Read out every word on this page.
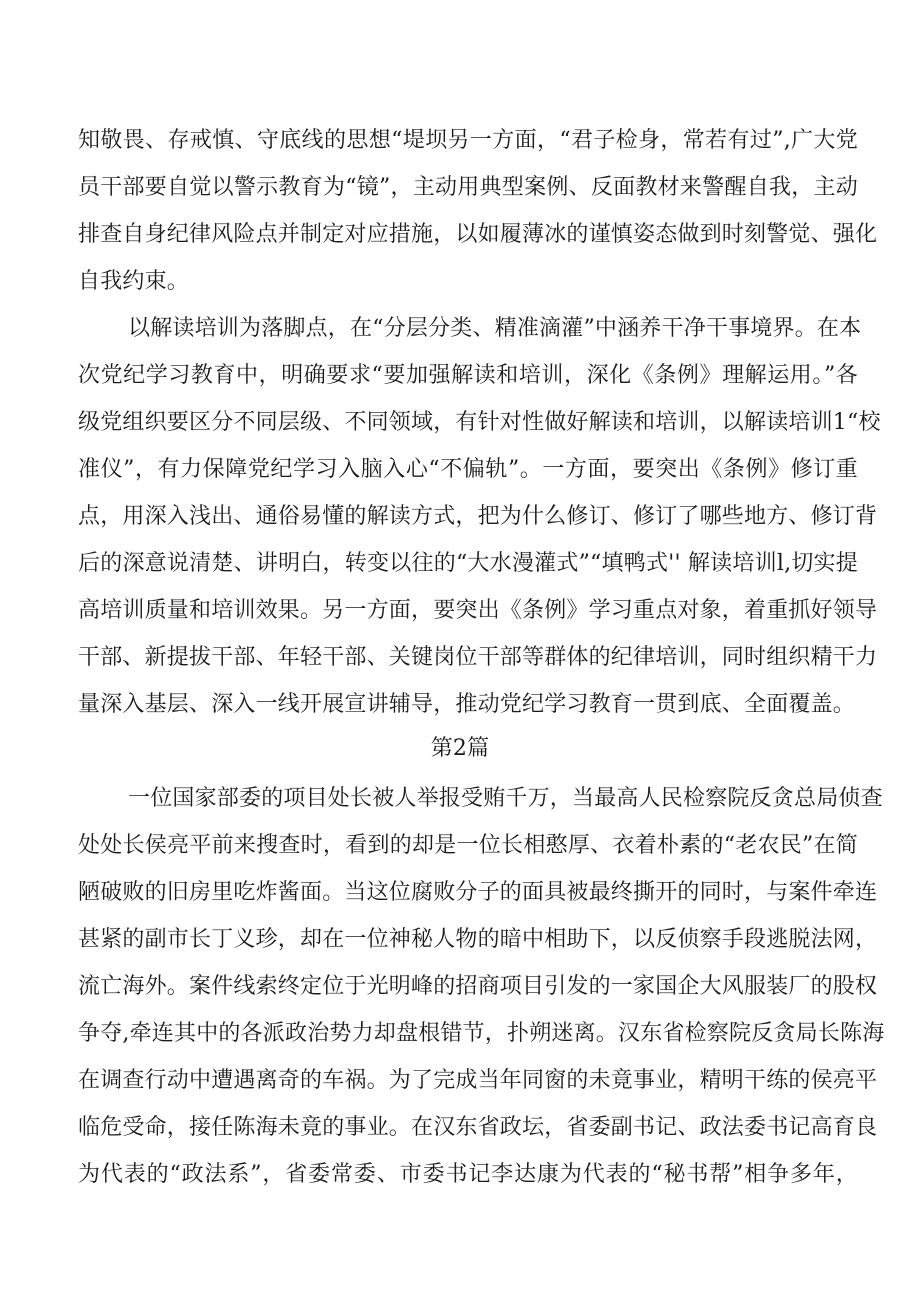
知敬畏、存戒慎、守底线的思想“堤坝另一方面，“君子检身，常若有过”,广大党
员干部要自觉以警示教育为“镜”，主动用典型案例、反面教材来警醒自我，主动
排查自身纪律风险点并制定对应措施，以如履薄冰的谨慎姿态做到时刻警觉、强化
自我约束。
以解读培训为落脚点，在“分层分类、精准滴灌”中涵养干净干事境界。在本
次党纪学习教育中，明确要求“要加强解读和培训，深化《条例》理解运用。”各
级党组织要区分不同层级、不同领域，有针对性做好解读和培训，以解读培训1“校
准仪”，有力保障党纪学习入脑入心“不偏轨”。一方面，要突出《条例》修订重
点，用深入浅出、通俗易懂的解读方式，把为什么修订、修订了哪些地方、修订背
后的深意说清楚、讲明白，转变以往的“大水漫灌式”“填鸭式'' 解读培训l,切实提
高培训质量和培训效果。另一方面，要突出《条例》学习重点对象，着重抓好领导
干部、新提拔干部、年轻干部、关键岗位干部等群体的纪律培训，同时组织精干力
量深入基层、深入一线开展宣讲辅导，推动党纪学习教育一贯到底、全面覆盖。
第2篇
一位国家部委的项目处长被人举报受贿千万，当最高人民检察院反贪总局侦查
处处长侯亮平前来搜查时，看到的却是一位长相憨厚、衣着朴素的“老农民”在简
陋破败的旧房里吃炸酱面。当这位腐败分子的面具被最终撕开的同时，与案件牵连
甚紧的副市长丁义珍，却在一位神秘人物的暗中相助下，以反侦察手段逃脱法网，
流亡海外。案件线索终定位于光明峰的招商项目引发的一家国企大风服装厂的股权
争夺,牵连其中的各派政治势力却盘根错节，扑朔迷离。汉东省检察院反贪局长陈海
在调查行动中遭遇离奇的车祸。为了完成当年同窗的未竟事业，精明干练的侯亮平
临危受命，接任陈海未竟的事业。在汉东省政坛，省委副书记、政法委书记高育良
为代表的“政法系”，省委常委、市委书记李达康为代表的“秘书帮”相争多年，
